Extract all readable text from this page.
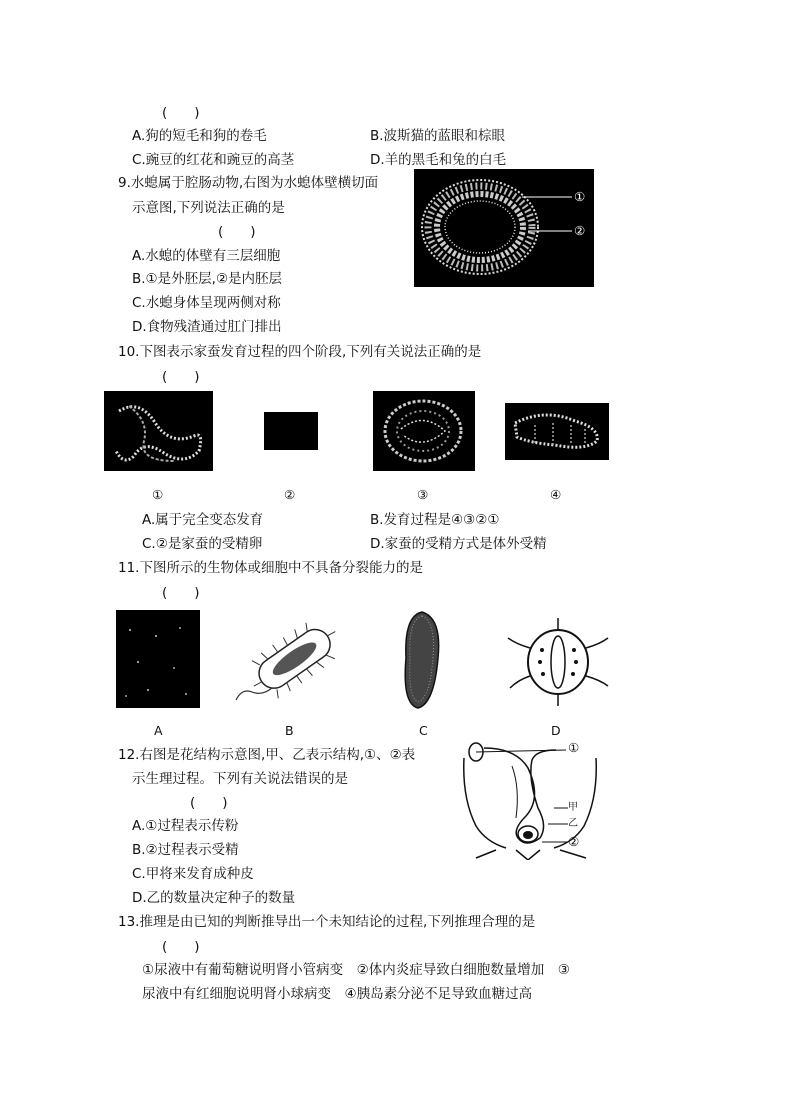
(　　)
A.狗的短毛和狗的卷毛	B.波斯猫的蓝眼和棕眼
C.豌豆的红花和豌豆的高茎	D.羊的黑毛和兔的白毛
9.水螅属于腔肠动物,右图为水螅体壁横切面
示意图,下列说法正确的是
(　　)
A.水螅的体壁有三层细胞
B.①是外胚层,②是内胚层
C.水螅身体呈现两侧对称
D.食物残渣通过肛门排出
①
②
10.下图表示家蚕发育过程的四个阶段,下列有关说法正确的是
(　　)
①	②	③	④
A.属于完全变态发育	B.发育过程是④③②①
C.②是家蚕的受精卵	D.家蚕的受精方式是体外受精
11.下图所示的生物体或细胞中不具备分裂能力的是
(　　)
A	B	C	D
12.右图是花结构示意图,甲、乙表示结构,①、②表
示生理过程。下列有关说法错误的是
(　　)
A.①过程表示传粉
B.②过程表示受精
C.甲将来发育成种皮
D.乙的数量决定种子的数量
①
甲
乙
②
13.推理是由已知的判断推导出一个未知结论的过程,下列推理合理的是
(　　)
①尿液中有葡萄糖说明肾小管病变　②体内炎症导致白细胞数量增加　③
尿液中有红细胞说明肾小球病变　④胰岛素分泌不足导致血糖过高
